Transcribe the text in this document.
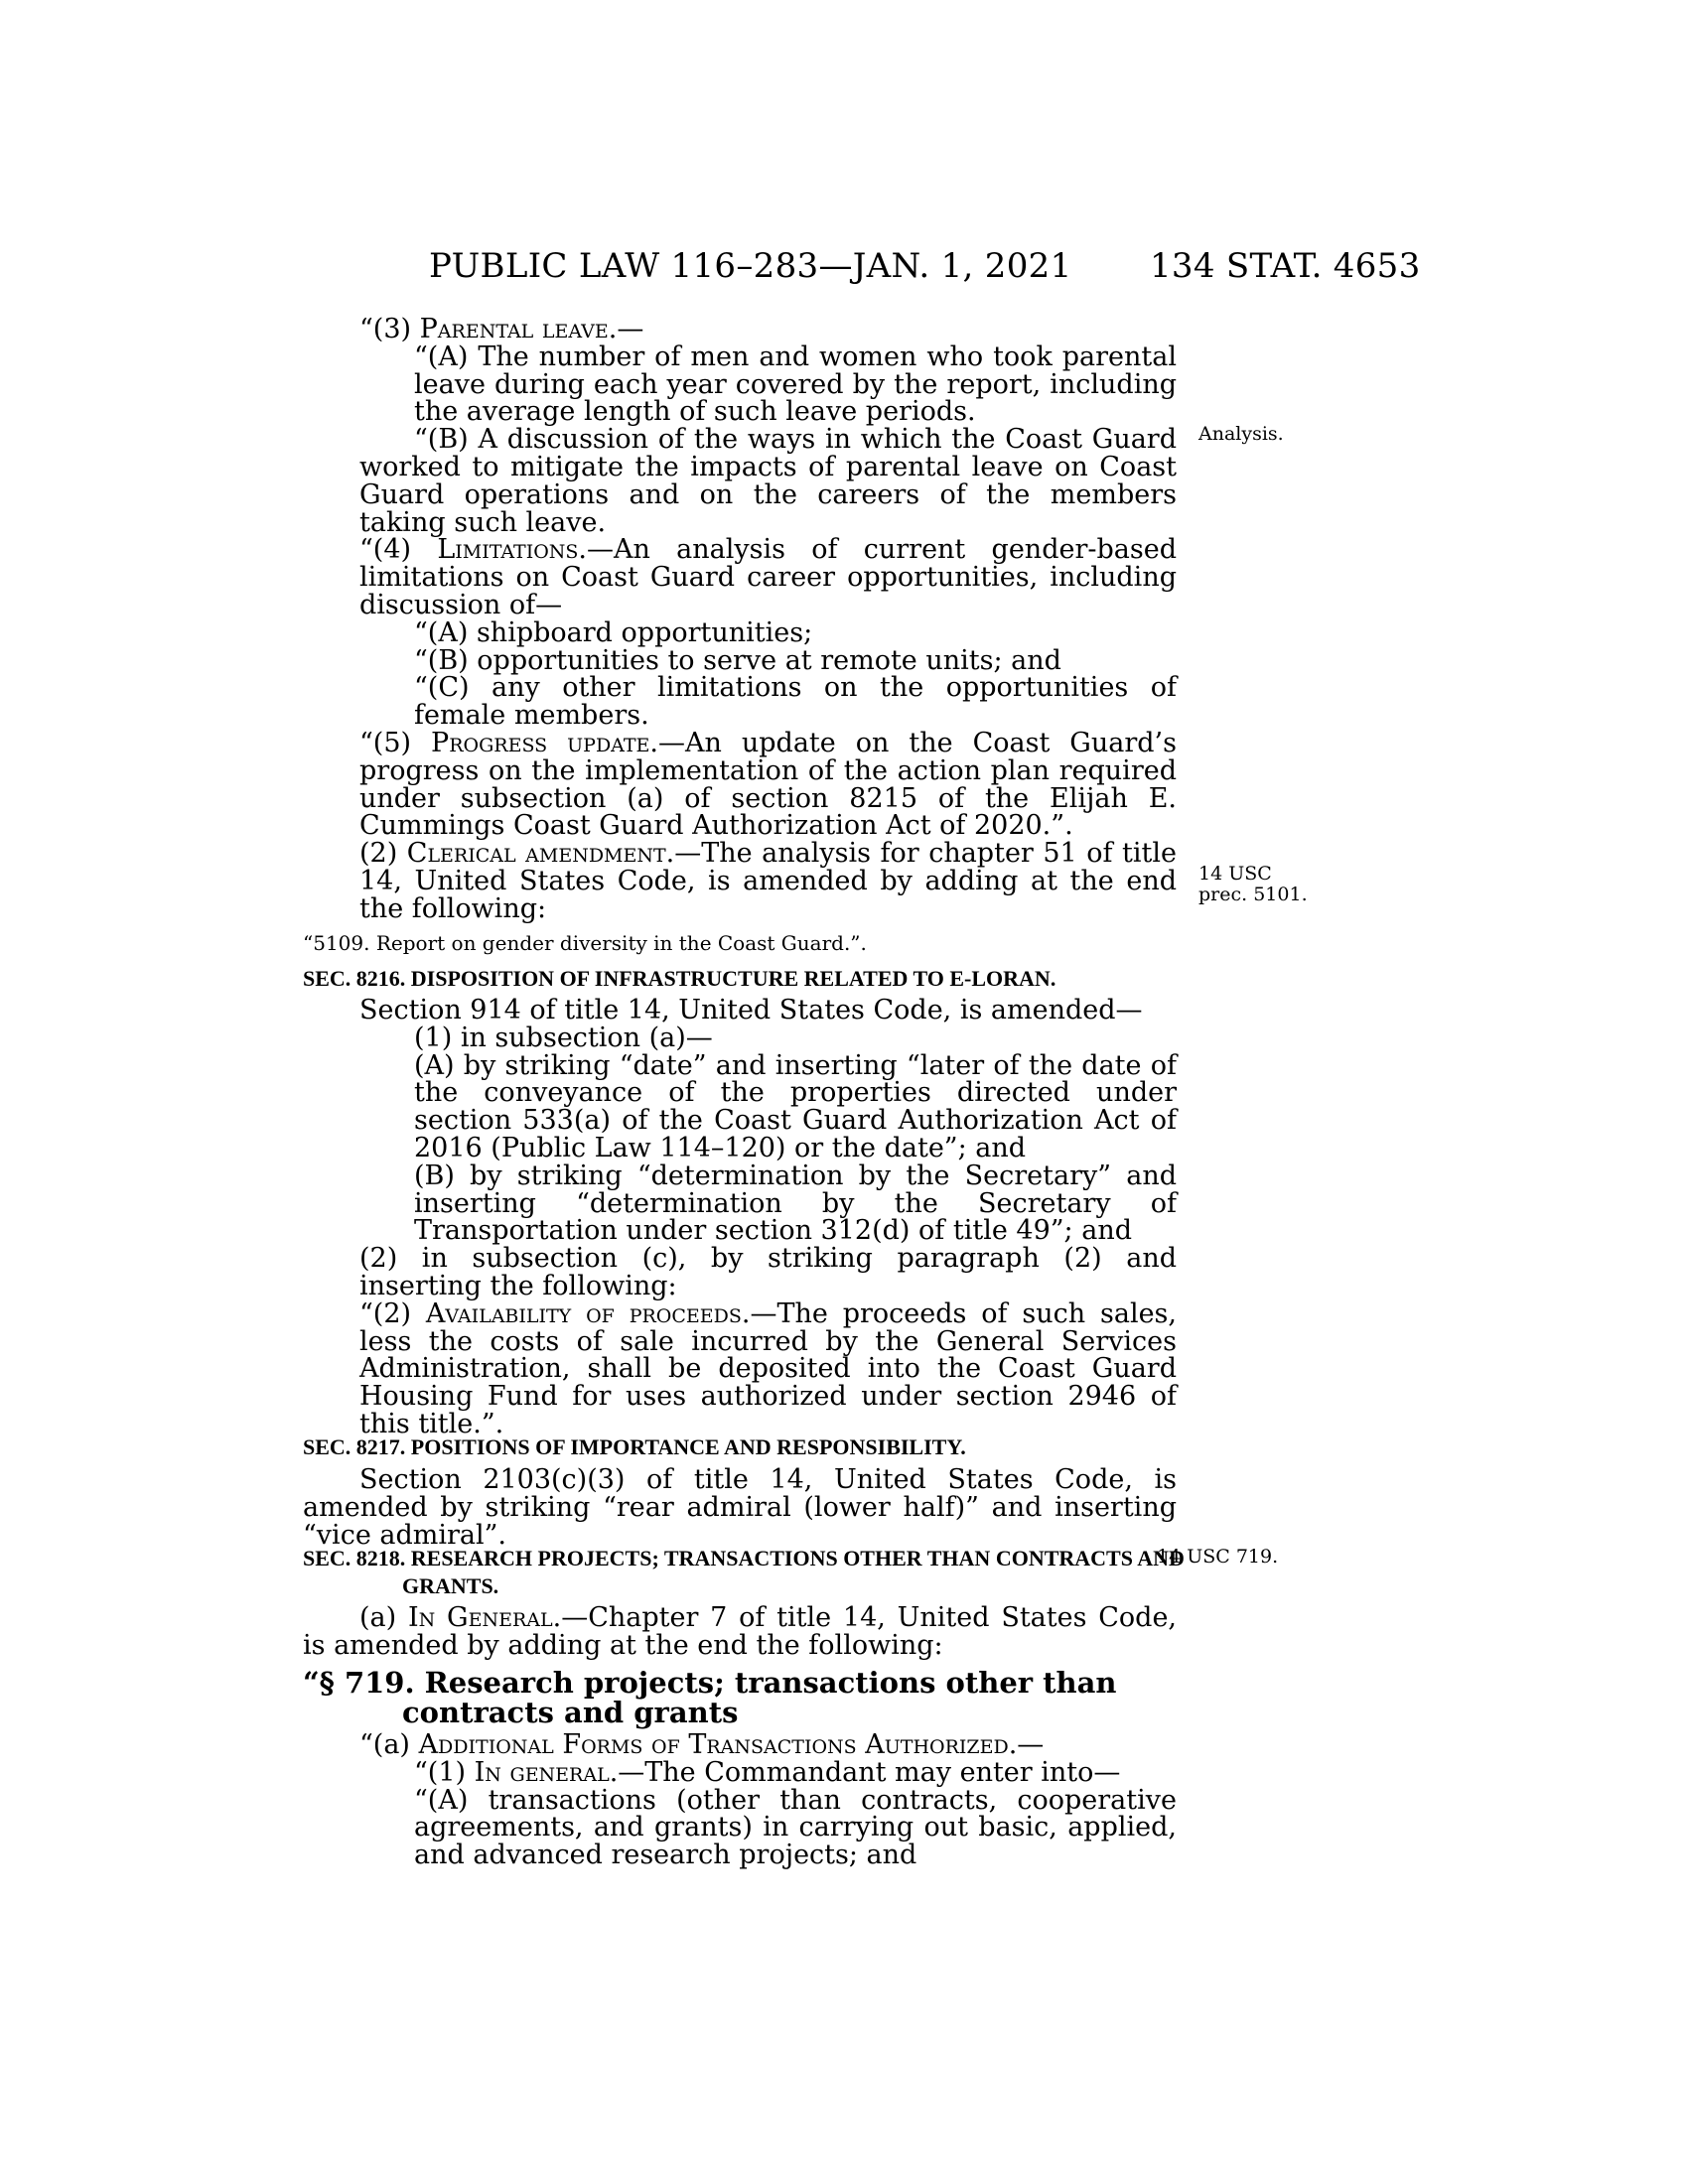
PUBLIC LAW 116–283—JAN. 1, 2021 134 STAT. 4653
Analysis.
14 USC
prec. 5101.
14 USC 719.

“(3) Parental leave.—

“(A) The number of men and women who took parental leave during each year covered by the report, including the average length of such leave periods.

“(B) A discussion of the ways in which the Coast Guard worked to mitigate the impacts of parental leave on Coast Guard operations and on the careers of the members taking such leave.

“(4) Limitations.—An analysis of current gender-based limitations on Coast Guard career opportunities, including discussion of—

“(A) shipboard opportunities;

“(B) opportunities to serve at remote units; and

“(C) any other limitations on the opportunities of female members.

“(5) Progress update.—An update on the Coast Guard’s progress on the implementation of the action plan required under subsection (a) of section 8215 of the Elijah E. Cummings Coast Guard Authorization Act of 2020.”.

(2) Clerical amendment.—The analysis for chapter 51 of title 14, United States Code, is amended by adding at the end the following:

“5109. Report on gender diversity in the Coast Guard.”.
SEC. 8216. DISPOSITION OF INFRASTRUCTURE RELATED TO E-LORAN.

Section 914 of title 14, United States Code, is amended—

(1) in subsection (a)—

(A) by striking “date” and inserting “later of the date of the conveyance of the properties directed under section 533(a) of the Coast Guard Authorization Act of 2016 (Public Law 114–120) or the date”; and

(B) by striking “determination by the Secretary” and inserting “determination by the Secretary of Transportation under section 312(d) of title 49”; and

(2) in subsection (c), by striking paragraph (2) and inserting the following:

“(2) Availability of proceeds.—The proceeds of such sales, less the costs of sale incurred by the General Services Administration, shall be deposited into the Coast Guard Housing Fund for uses authorized under section 2946 of this title.”.

SEC. 8217. POSITIONS OF IMPORTANCE AND RESPONSIBILITY.

Section 2103(c)(3) of title 14, United States Code, is amended by striking “rear admiral (lower half)” and inserting “vice admiral”.

SEC. 8218. RESEARCH PROJECTS; TRANSACTIONS OTHER THAN CONTRACTS AND GRANTS.

(a) In General.—Chapter 7 of title 14, United States Code, is amended by adding at the end the following:

“§ 719. Research projects; transactions other than contracts and grants

“(a) Additional Forms of Transactions Authorized.—

“(1) In general.—The Commandant may enter into—

“(A) transactions (other than contracts, cooperative agreements, and grants) in carrying out basic, applied, and advanced research projects; and
